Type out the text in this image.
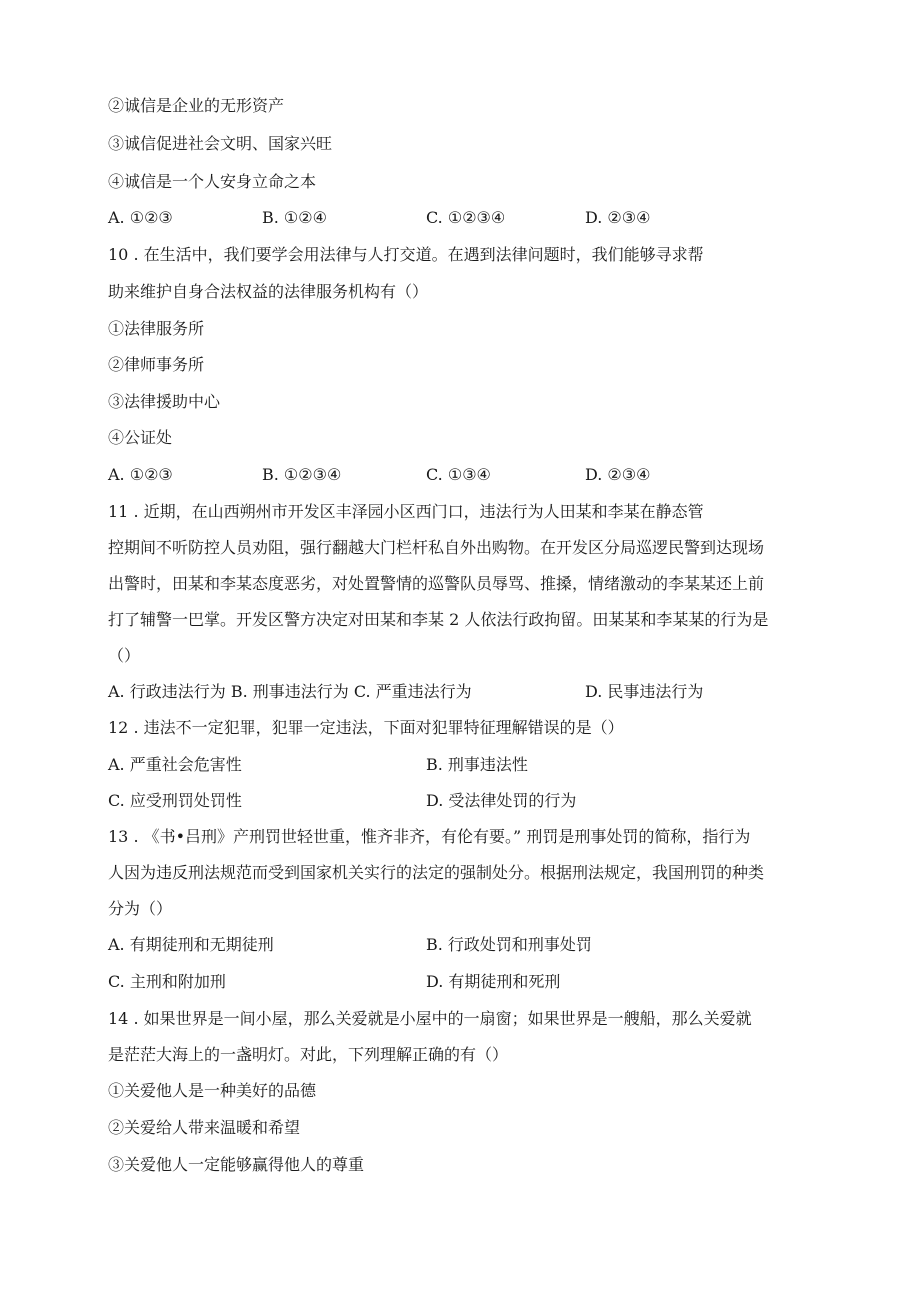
②诚信是企业的无形资产
③诚信促进社会文明、国家兴旺
④诚信是一个人安身立命之本
A. ①②③	B. ①②④	C. ①②③④	D. ②③④
10 . 在生活中，我们要学会用法律与人打交道。在遇到法律问题时，我们能够寻求帮
助来维护自身合法权益的法律服务机构有（）
①法律服务所
②律师事务所
③法律援助中心
④公证处
A. ①②③	B. ①②③④	C. ①③④	D. ②③④
11 . 近期，在山西朔州市开发区丰泽园小区西门口，违法行为人田某和李某在静态管
控期间不听防控人员劝阻，强行翻越大门栏杆私自外出购物。在开发区分局巡逻民警到达现场
出警时，田某和李某态度恶劣，对处置警情的巡警队员辱骂、推搡，情绪激动的李某某还上前
打了辅警一巴掌。开发区警方决定对田某和李某 2 人依法行政拘留。田某某和李某某的行为是
（）
A. 行政违法行为 B. 刑事违法行为 C. 严重违法行为	D. 民事违法行为
12 . 违法不一定犯罪，犯罪一定违法，下面对犯罪特征理解错误的是（）
A. 严重社会危害性	B. 刑事违法性
C. 应受刑罚处罚性	D. 受法律处罚的行为
13 . 《书•吕刑》产刑罚世轻世重，惟齐非齐，有伦有要。” 刑罚是刑事处罚的简称，指行为
人因为违反刑法规范而受到国家机关实行的法定的强制处分。根据刑法规定，我国刑罚的种类
分为（）
A. 有期徒刑和无期徒刑	B. 行政处罚和刑事处罚
C. 主刑和附加刑	D. 有期徒刑和死刑
14 . 如果世界是一间小屋，那么关爱就是小屋中的一扇窗；如果世界是一艘船，那么关爱就
是茫茫大海上的一盏明灯。对此，下列理解正确的有（）
①关爱他人是一种美好的品德
②关爱给人带来温暖和希望
③关爱他人一定能够赢得他人的尊重
